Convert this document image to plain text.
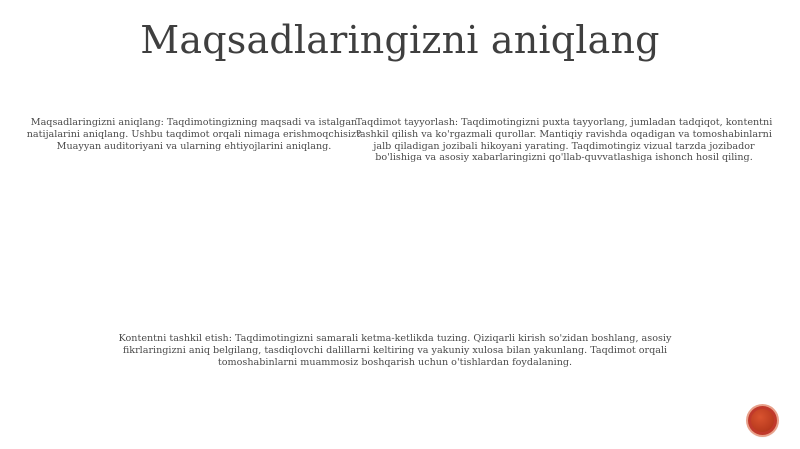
Maqsadlaringizni aniqlang

Maqsadlaringizni aniqlang: Taqdimotingizning maqsadi va istalgan natijalarini aniqlang. Ushbu taqdimot orqali nimaga erishmoqchisiz? Muayyan auditoriyani va ularning ehtiyojlarini aniqlang.

Taqdimot tayyorlash: Taqdimotingizni puxta tayyorlang, jumladan tadqiqot, kontentni tashkil qilish va ko'rgazmali qurollar. Mantiqiy ravishda oqadigan va tomoshabinlarni jalb qiladigan jozibali hikoyani yarating. Taqdimotingiz vizual tarzda jozibador bo'lishiga va asosiy xabarlaringizni qo'llab-quvvatlashiga ishonch hosil qiling.

Kontentni tashkil etish: Taqdimotingizni samarali ketma-ketlikda tuzing. Qiziqarli kirish so'zidan boshlang, asosiy fikrlaringizni aniq belgilang, tasdiqlovchi dalillarni keltiring va yakuniy xulosa bilan yakunlang. Taqdimot orqali tomoshabinlarni muammosiz boshqarish uchun o'tishlardan foydalaning.
